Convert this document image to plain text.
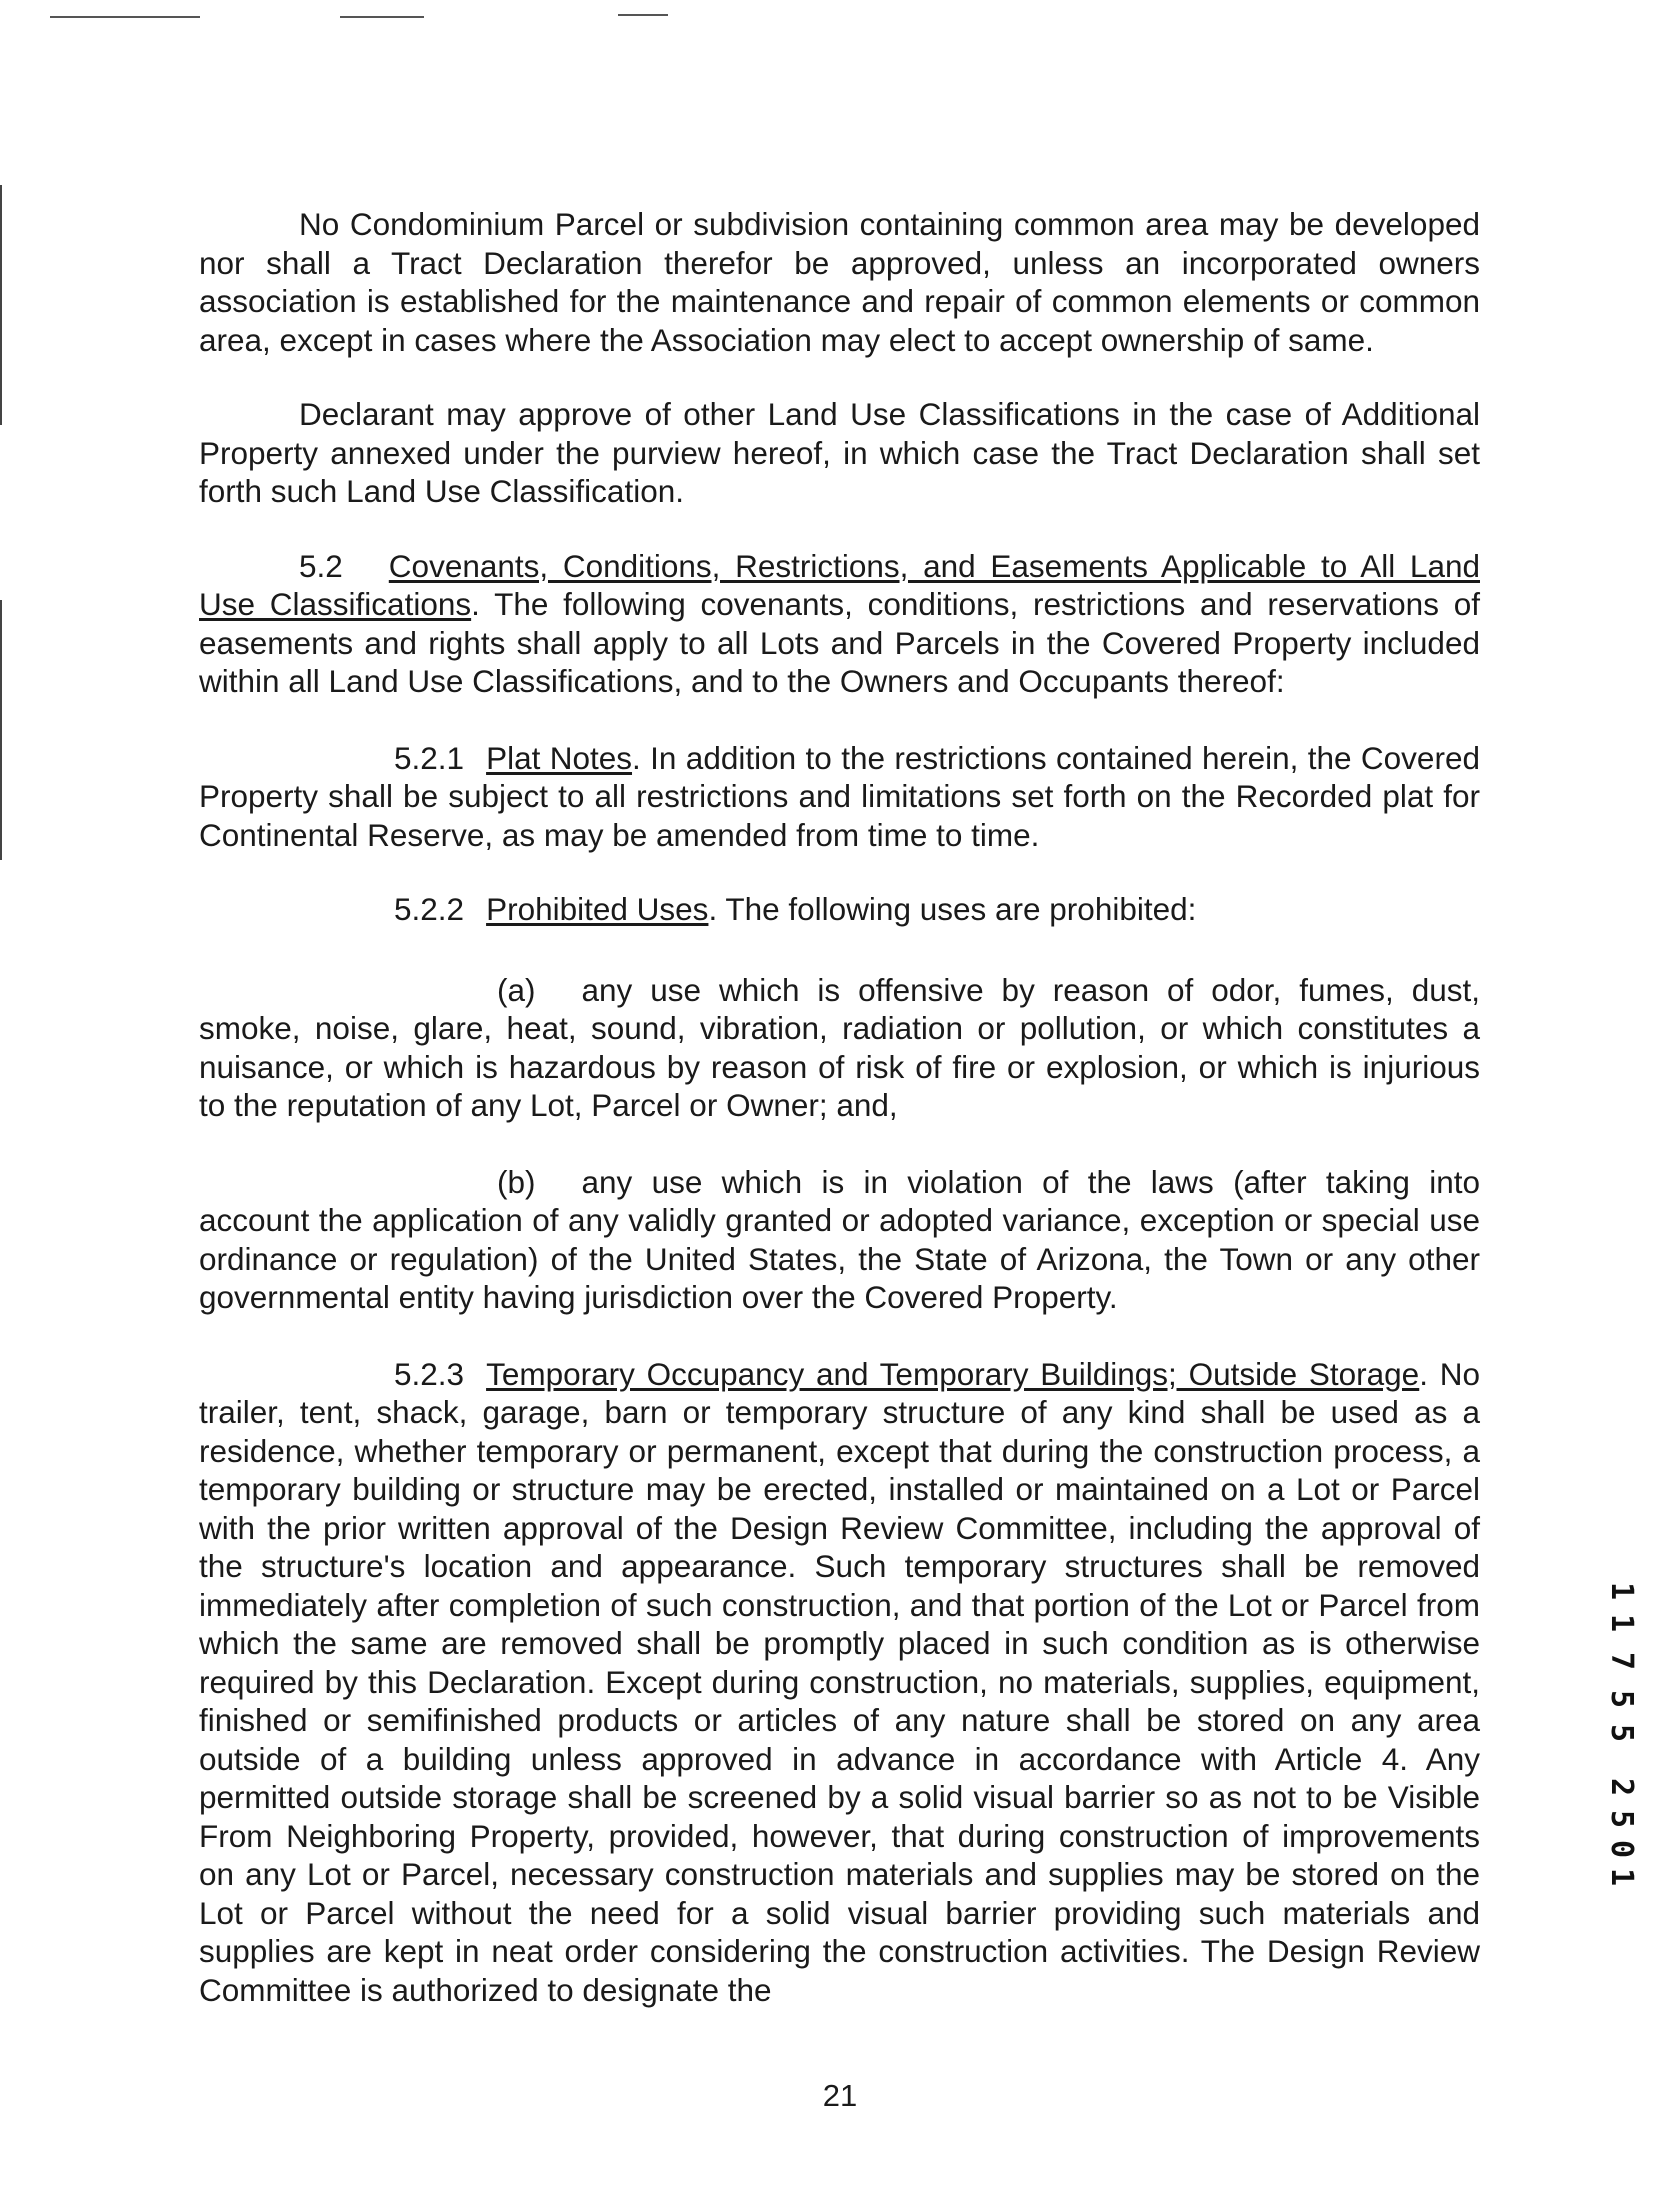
No Condominium Parcel or subdivision containing common area may be developed nor shall a Tract Declaration therefor be approved, unless an incorporated owners association is established for the maintenance and repair of common elements or common area, except in cases where the Association may elect to accept ownership of same.

Declarant may approve of other Land Use Classifications in the case of Additional Property annexed under the purview hereof, in which case the Tract Declaration shall set forth such Land Use Classification.

5.2 Covenants, Conditions, Restrictions, and Easements Applicable to All Land Use Classifications. The following covenants, conditions, restrictions and reservations of easements and rights shall apply to all Lots and Parcels in the Covered Property included within all Land Use Classifications, and to the Owners and Occupants thereof:

5.2.1 Plat Notes. In addition to the restrictions contained herein, the Covered Property shall be subject to all restrictions and limitations set forth on the Recorded plat for Continental Reserve, as may be amended from time to time.

5.2.2 Prohibited Uses. The following uses are prohibited:

(a) any use which is offensive by reason of odor, fumes, dust, smoke, noise, glare, heat, sound, vibration, radiation or pollution, or which constitutes a nuisance, or which is hazardous by reason of risk of fire or explosion, or which is injurious to the reputation of any Lot, Parcel or Owner; and,

(b) any use which is in violation of the laws (after taking into account the application of any validly granted or adopted variance, exception or special use ordinance or regulation) of the United States, the State of Arizona, the Town or any other governmental entity having jurisdiction over the Covered Property.

5.2.3 Temporary Occupancy and Temporary Buildings; Outside Storage. No trailer, tent, shack, garage, barn or temporary structure of any kind shall be used as a residence, whether temporary or permanent, except that during the construction process, a temporary building or structure may be erected, installed or maintained on a Lot or Parcel with the prior written approval of the Design Review Committee, including the approval of the structure's location and appearance. Such temporary structures shall be removed immediately after completion of such construction, and that portion of the Lot or Parcel from which the same are removed shall be promptly placed in such condition as is otherwise required by this Declaration. Except during construction, no materials, supplies, equipment, finished or semifinished products or articles of any nature shall be stored on any area outside of a building unless approved in advance in accordance with Article 4. Any permitted outside storage shall be screened by a solid visual barrier so as not to be Visible From Neighboring Property, provided, however, that during construction of improvements on any Lot or Parcel, necessary construction materials and supplies may be stored on the Lot or Parcel without the need for a solid visual barrier providing such materials and supplies are kept in neat order considering the construction activities. The Design Review Committee is authorized to designate the

21
1
1
7
5
5
2
5
0
1
